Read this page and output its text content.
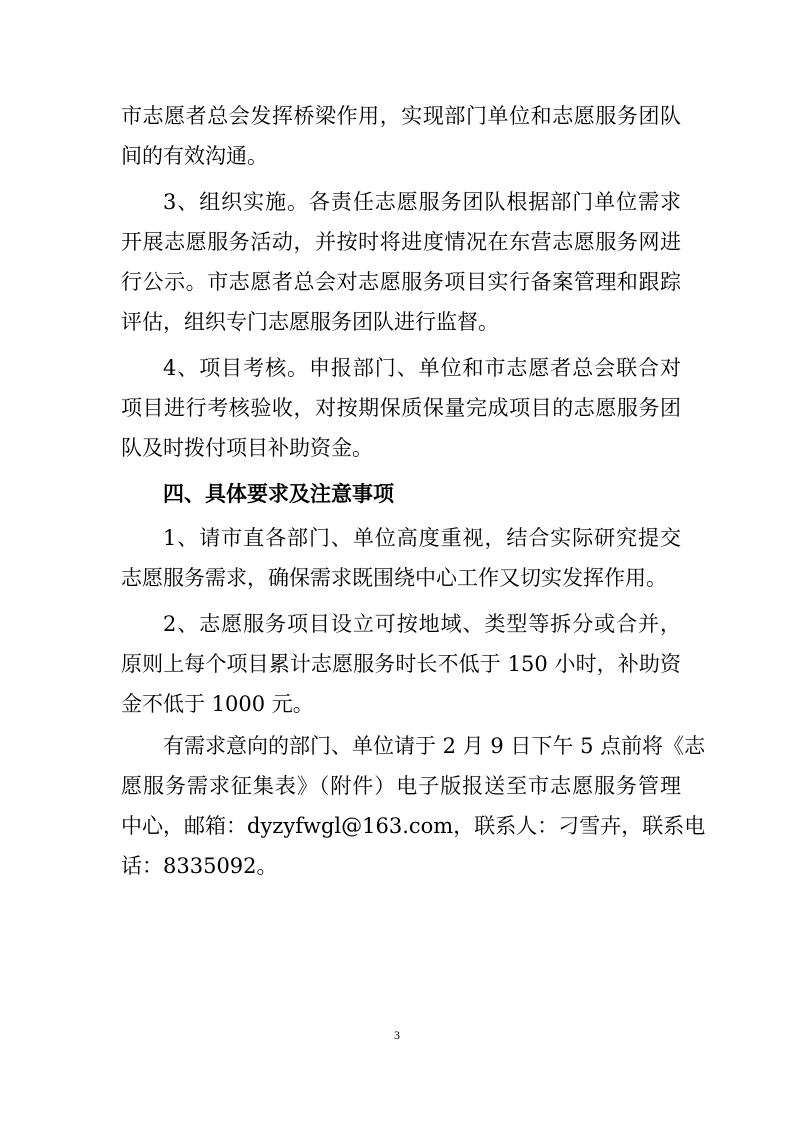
市志愿者总会发挥桥梁作用，实现部门单位和志愿服务团队
间的有效沟通。
3、组织实施。各责任志愿服务团队根据部门单位需求
开展志愿服务活动，并按时将进度情况在东营志愿服务网进
行公示。市志愿者总会对志愿服务项目实行备案管理和跟踪
评估，组织专门志愿服务团队进行监督。
4、项目考核。申报部门、单位和市志愿者总会联合对
项目进行考核验收，对按期保质保量完成项目的志愿服务团
队及时拨付项目补助资金。
四、具体要求及注意事项
1、请市直各部门、单位高度重视，结合实际研究提交
志愿服务需求，确保需求既围绕中心工作又切实发挥作用。
2、志愿服务项目设立可按地域、类型等拆分或合并，
原则上每个项目累计志愿服务时长不低于 150 小时，补助资
金不低于 1000 元。
有需求意向的部门、单位请于 2 月 9 日下午 5 点前将《志
愿服务需求征集表》（附件）电子版报送至市志愿服务管理
中心，邮箱：dyzyfwgl@163.com，联系人：刁雪卉，联系电
话：8335092。
3
